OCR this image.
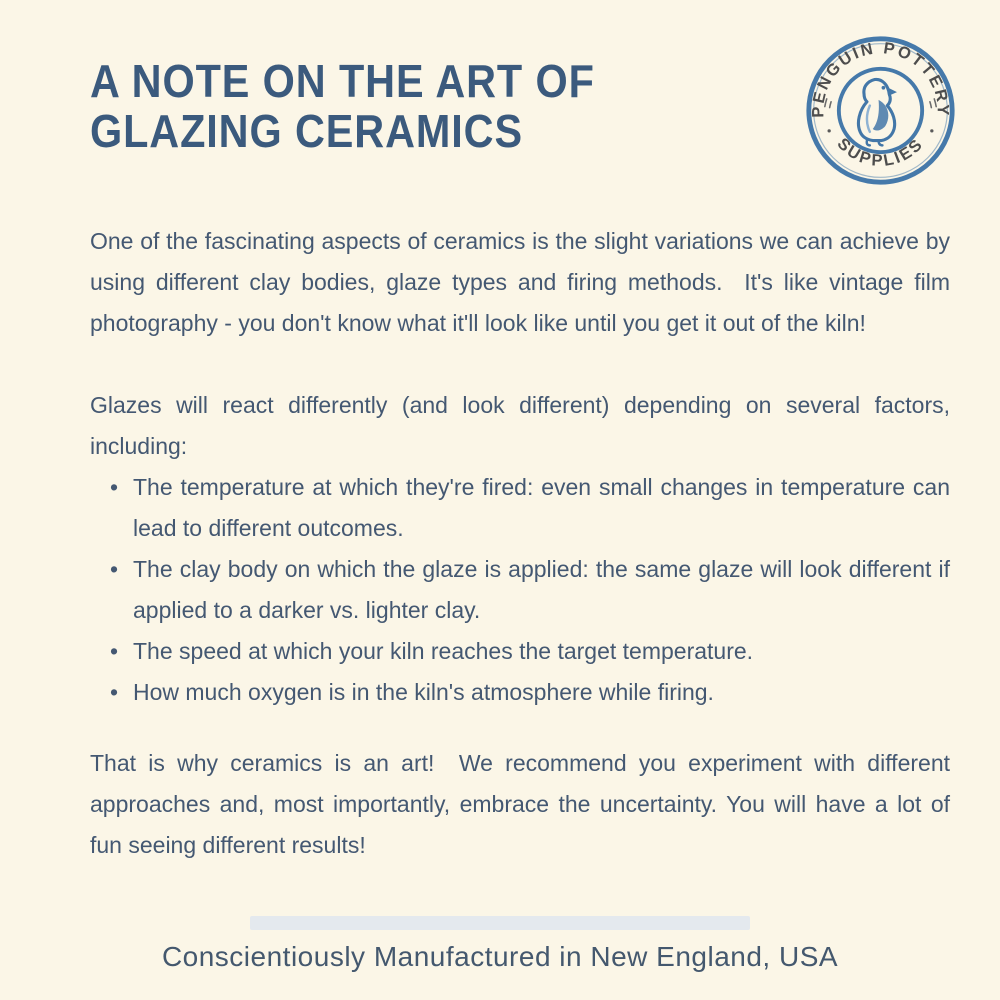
A NOTE ON THE ART OF
GLAZING CERAMICS	PENGUIN POTTERY
SUPPLIES

One of the fascinating aspects of ceramics is the slight variations we can achieve by using different clay bodies, glaze types and firing methods.  It's like vintage film photography - you don't know what it'll look like until you get it out of the kiln!

Glazes will react differently (and look different) depending on several factors, including:

• The temperature at which they're fired: even small changes in temperature can lead to different outcomes.
• The clay body on which the glaze is applied: the same glaze will look different if applied to a darker vs. lighter clay.
• The speed at which your kiln reaches the target temperature.
• How much oxygen is in the kiln's atmosphere while firing.

That is why ceramics is an art!  We recommend you experiment with different approaches and, most importantly, embrace the uncertainty. You will have a lot of fun seeing different results!

Conscientiously Manufactured in New England, USA
